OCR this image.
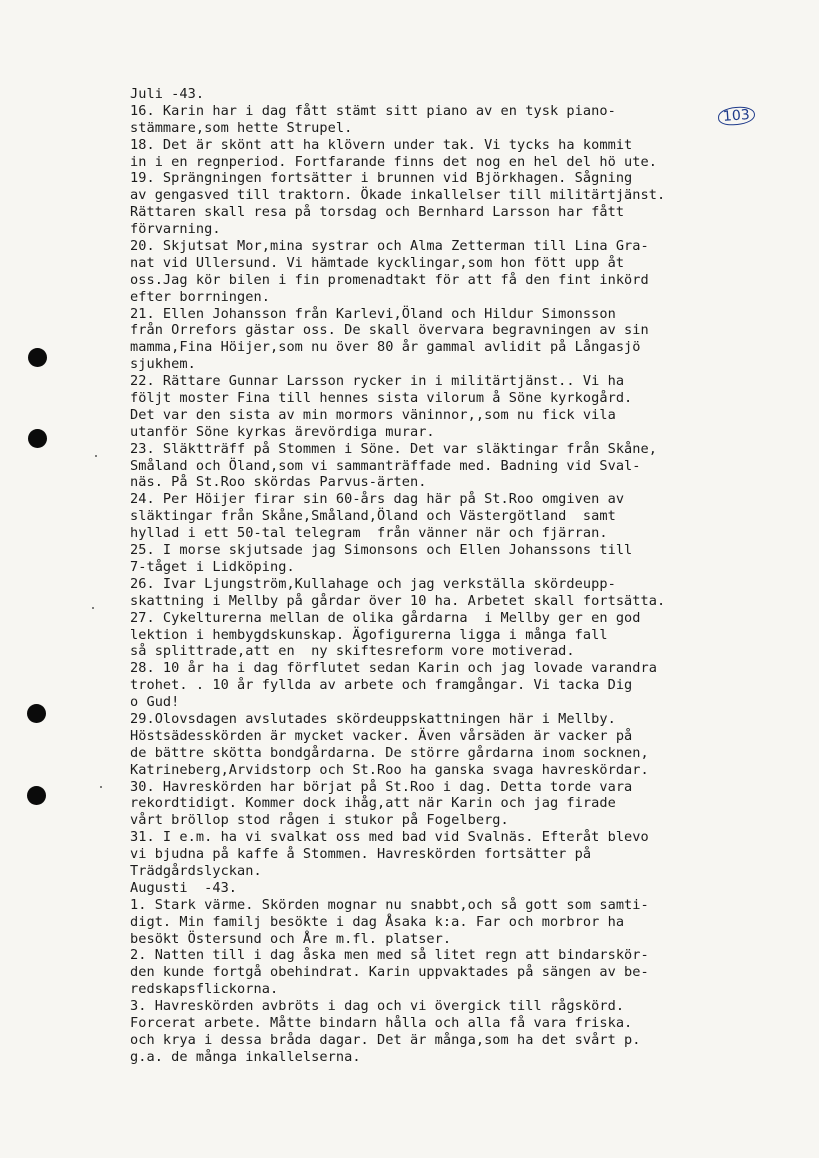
103
Juli -43.
16. Karin har i dag fått stämt sitt piano av en tysk piano-
stämmare,som hette Strupel.
18. Det är skönt att ha klövern under tak. Vi tycks ha kommit
in i en regnperiod. Fortfarande finns det nog en hel del hö ute.
19. Sprängningen fortsätter i brunnen vid Björkhagen. Sågning
av gengasved till traktorn. Ökade inkallelser till militärtjänst.
Rättaren skall resa på torsdag och Bernhard Larsson har fått
förvarning.
20. Skjutsat Mor,mina systrar och Alma Zetterman till Lina Gra-
nat vid Ullersund. Vi hämtade kycklingar,som hon fött upp åt
oss.Jag kör bilen i fin promenadtakt för att få den fint inkörd
efter borrningen.
21. Ellen Johansson från Karlevi,Öland och Hildur Simonsson
från Orrefors gästar oss. De skall övervara begravningen av sin
mamma,Fina Höijer,som nu över 80 år gammal avlidit på Långasjö
sjukhem.
22. Rättare Gunnar Larsson rycker in i militärtjänst.. Vi ha
följt moster Fina till hennes sista vilorum å Söne kyrkogård.
Det var den sista av min mormors väninnor,,som nu fick vila
utanför Söne kyrkas ärevördiga murar.
23. Släktträff på Stommen i Söne. Det var släktingar från Skåne,
Småland och Öland,som vi sammanträffade med. Badning vid Sval-
näs. På St.Roo skördas Parvus-ärten.
24. Per Höijer firar sin 60-års dag här på St.Roo omgiven av
släktingar från Skåne,Småland,Öland och Västergötland  samt
hyllad i ett 50-tal telegram  från vänner när och fjärran.
25. I morse skjutsade jag Simonsons och Ellen Johanssons till
7-tåget i Lidköping.
26. Ivar Ljungström,Kullahage och jag verkställa skördeupp-
skattning i Mellby på gårdar över 10 ha. Arbetet skall fortsätta.
27. Cykelturerna mellan de olika gårdarna  i Mellby ger en god
lektion i hembygdskunskap. Ägofigurerna ligga i många fall
så splittrade,att en  ny skiftesreform vore motiverad.
28. 10 år ha i dag förflutet sedan Karin och jag lovade varandra
trohet. . 10 år fyllda av arbete och framgångar. Vi tacka Dig
o Gud!
29.Olovsdagen avslutades skördeuppskattningen här i Mellby.
Höstsädesskörden är mycket vacker. Även vårsäden är vacker på
de bättre skötta bondgårdarna. De större gårdarna inom socknen,
Katrineberg,Arvidstorp och St.Roo ha ganska svaga havreskördar.
30. Havreskörden har börjat på St.Roo i dag. Detta torde vara
rekordtidigt. Kommer dock ihåg,att när Karin och jag firade
vårt bröllop stod rågen i stukor på Fogelberg.
31. I e.m. ha vi svalkat oss med bad vid Svalnäs. Efteråt blevo
vi bjudna på kaffe å Stommen. Havreskörden fortsätter på
Trädgårdslyckan.
Augusti  -43.
1. Stark värme. Skörden mognar nu snabbt,och så gott som samti-
digt. Min familj besökte i dag Åsaka k:a. Far och morbror ha
besökt Östersund och Åre m.fl. platser.
2. Natten till i dag åska men med så litet regn att bindarskör-
den kunde fortgå obehindrat. Karin uppvaktades på sängen av be-
redskapsflickorna.
3. Havreskörden avbröts i dag och vi övergick till rågskörd.
Forcerat arbete. Måtte bindarn hålla och alla få vara friska.
och krya i dessa bråda dagar. Det är många,som ha det svårt p.
g.a. de många inkallelserna.
